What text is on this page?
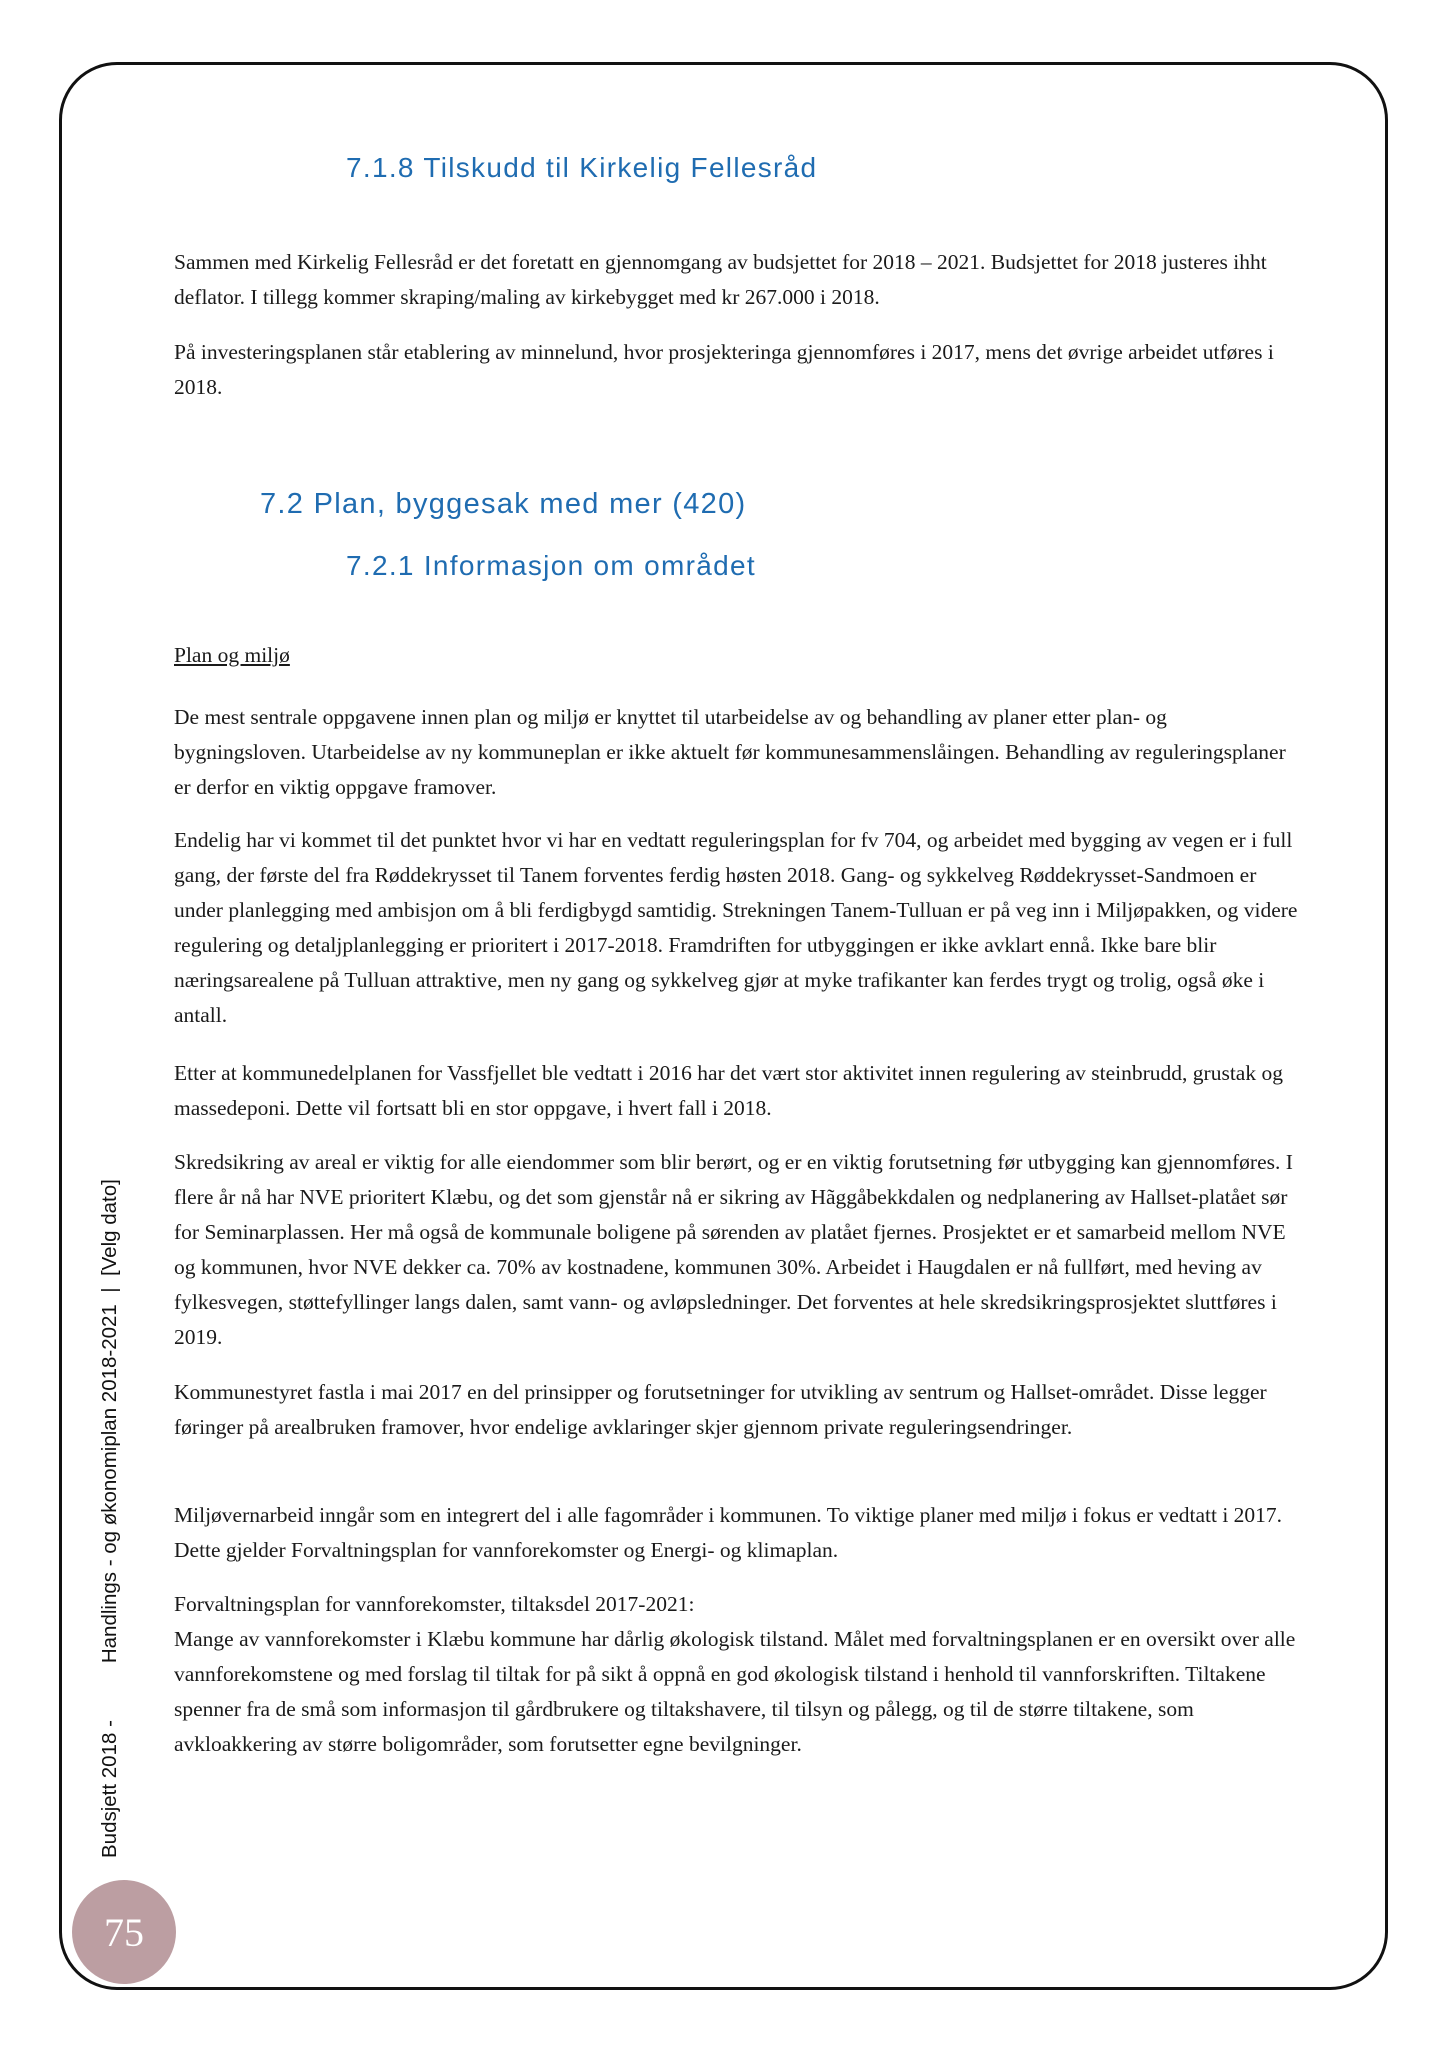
7.1.8 Tilskudd til Kirkelig Fellesråd

Sammen med Kirkelig Fellesråd er det foretatt en gjennomgang av budsjettet for 2018 – 2021. Budsjettet for 2018 justeres ihht deflator. I tillegg kommer skraping/maling av kirkebygget med kr 267.000 i 2018.

På investeringsplanen står etablering av minnelund, hvor prosjekteringa gjennomføres i 2017, mens det øvrige arbeidet utføres i 2018.

7.2 Plan, byggesak med mer (420)
7.2.1 Informasjon om området
Plan og miljø

De mest sentrale oppgavene innen plan og miljø er knyttet til utarbeidelse av og behandling av planer etter plan- og bygningsloven. Utarbeidelse av ny kommuneplan er ikke aktuelt før kommunesammenslåingen. Behandling av reguleringsplaner er derfor en viktig oppgave framover.

Endelig har vi kommet til det punktet hvor vi har en vedtatt reguleringsplan for fv 704, og arbeidet med bygging av vegen er i full gang, der første del fra Røddekrysset til Tanem forventes ferdig høsten 2018. Gang- og sykkelveg Røddekrysset-Sandmoen er under planlegging med ambisjon om å bli ferdigbygd samtidig. Strekningen Tanem-Tulluan er på veg inn i Miljøpakken, og videre regulering og detaljplanlegging er prioritert i 2017-2018. Framdriften for utbyggingen er ikke avklart ennå. Ikke bare blir næringsarealene på Tulluan attraktive, men ny gang og sykkelveg gjør at myke trafikanter kan ferdes trygt og trolig, også øke i antall.

Etter at kommunedelplanen for Vassfjellet ble vedtatt i 2016 har det vært stor aktivitet innen regulering av steinbrudd, grustak og massedeponi. Dette vil fortsatt bli en stor oppgave, i hvert fall i 2018.

Skredsikring av areal er viktig for alle eiendommer som blir berørt, og er en viktig forutsetning før utbygging kan gjennomføres. I flere år nå har NVE prioritert Klæbu, og det som gjenstår nå er sikring av Hãggåbekkdalen og nedplanering av Hallset-platået sør for Seminarplassen. Her må også de kommunale boligene på sørenden av platået fjernes. Prosjektet er et samarbeid mellom NVE og kommunen, hvor NVE dekker ca. 70% av kostnadene, kommunen 30%. Arbeidet i Haugdalen er nå fullført, med heving av fylkesvegen, støttefyllinger langs dalen, samt vann- og avløpsledninger. Det forventes at hele skredsikringsprosjektet sluttføres i 2019.

Kommunestyret fastla i mai 2017 en del prinsipper og forutsetninger for utvikling av sentrum og Hallset-området. Disse legger føringer på arealbruken framover, hvor endelige avklaringer skjer gjennom private reguleringsendringer.

Miljøvernarbeid inngår som en integrert del i alle fagområder i kommunen. To viktige planer med miljø i fokus er vedtatt i 2017. Dette gjelder Forvaltningsplan for vannforekomster og Energi- og klimaplan.

Forvaltningsplan for vannforekomster, tiltaksdel 2017-2021:

Mange av vannforekomster i Klæbu kommune har dårlig økologisk tilstand. Målet med forvaltningsplanen er en oversikt over alle vannforekomstene og med forslag til tiltak for på sikt å oppnå en god økologisk tilstand i henhold til vannforskriften. Tiltakene spenner fra de små som informasjon til gårdbrukere og tiltakshavere, til tilsyn og pålegg, og til de større tiltakene, som avkloakkering av større boligområder, som forutsetter egne bevilgninger.

Budsjett 2018 -          Handlings - og økonomiplan 2018-2021  |  [Velg dato]
75
